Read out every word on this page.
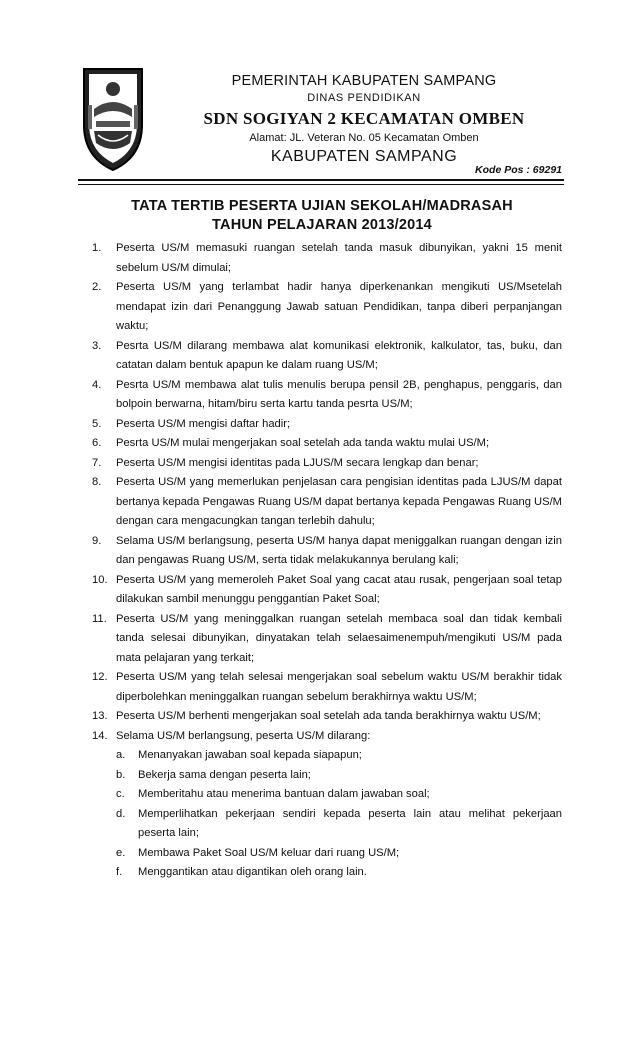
PEMERINTAH KABUPATEN SAMPANG
DINAS PENDIDIKAN
SDN SOGIYAN 2 KECAMATAN OMBEN
Alamat: JL. Veteran No. 05 Kecamatan Omben
KABUPATEN SAMPANG
Kode Pos : 69291
TATA TERTIB PESERTA UJIAN SEKOLAH/MADRASAH
TAHUN PELAJARAN 2013/2014
1. Peserta US/M memasuki ruangan setelah tanda masuk dibunyikan, yakni 15 menit sebelum US/M dimulai;
2. Peserta US/M yang terlambat hadir hanya diperkenankan mengikuti US/Msetelah mendapat izin dari Penanggung Jawab satuan Pendidikan, tanpa diberi perpanjangan waktu;
3. Pesrta US/M dilarang membawa alat komunikasi elektronik, kalkulator, tas, buku, dan catatan dalam bentuk apapun ke dalam ruang US/M;
4. Pesrta US/M membawa alat tulis menulis berupa pensil 2B, penghapus, penggaris, dan bolpoin berwarna, hitam/biru serta kartu tanda pesrta US/M;
5. Peserta US/M mengisi daftar hadir;
6. Pesrta US/M mulai mengerjakan soal setelah ada tanda waktu mulai US/M;
7. Peserta US/M mengisi identitas pada LJUS/M secara lengkap dan benar;
8. Peserta US/M yang memerlukan penjelasan cara pengisian identitas pada LJUS/M dapat bertanya kepada Pengawas Ruang US/M dapat bertanya kepada Pengawas Ruang US/M dengan cara mengacungkan tangan terlebih dahulu;
9. Selama US/M berlangsung, peserta US/M hanya dapat meniggalkan ruangan dengan izin dan pengawas Ruang US/M, serta tidak melakukannya berulang kali;
10. Peserta US/M yang memeroleh Paket Soal yang cacat atau rusak, pengerjaan soal tetap dilakukan sambil menunggu penggantian Paket Soal;
11. Peserta US/M yang meninggalkan ruangan setelah membaca soal dan tidak kembali tanda selesai dibunyikan, dinyatakan telah selaesaimenempuh/mengikuti US/M pada mata pelajaran yang terkait;
12. Peserta US/M yang telah selesai mengerjakan soal sebelum waktu US/M berakhir tidak diperbolehkan meninggalkan ruangan sebelum berakhirnya waktu US/M;
13. Peserta US/M berhenti mengerjakan soal setelah ada tanda berakhirnya waktu US/M;
14. Selama US/M berlangsung, peserta US/M dilarang:
a. Menanyakan jawaban soal kepada siapapun;
b. Bekerja sama dengan peserta lain;
c. Memberitahu atau menerima bantuan dalam jawaban soal;
d. Memperlihatkan pekerjaan sendiri kepada peserta lain atau melihat pekerjaan peserta lain;
e. Membawa Paket Soal US/M keluar dari ruang US/M;
f. Menggantikan atau digantikan oleh orang lain.
